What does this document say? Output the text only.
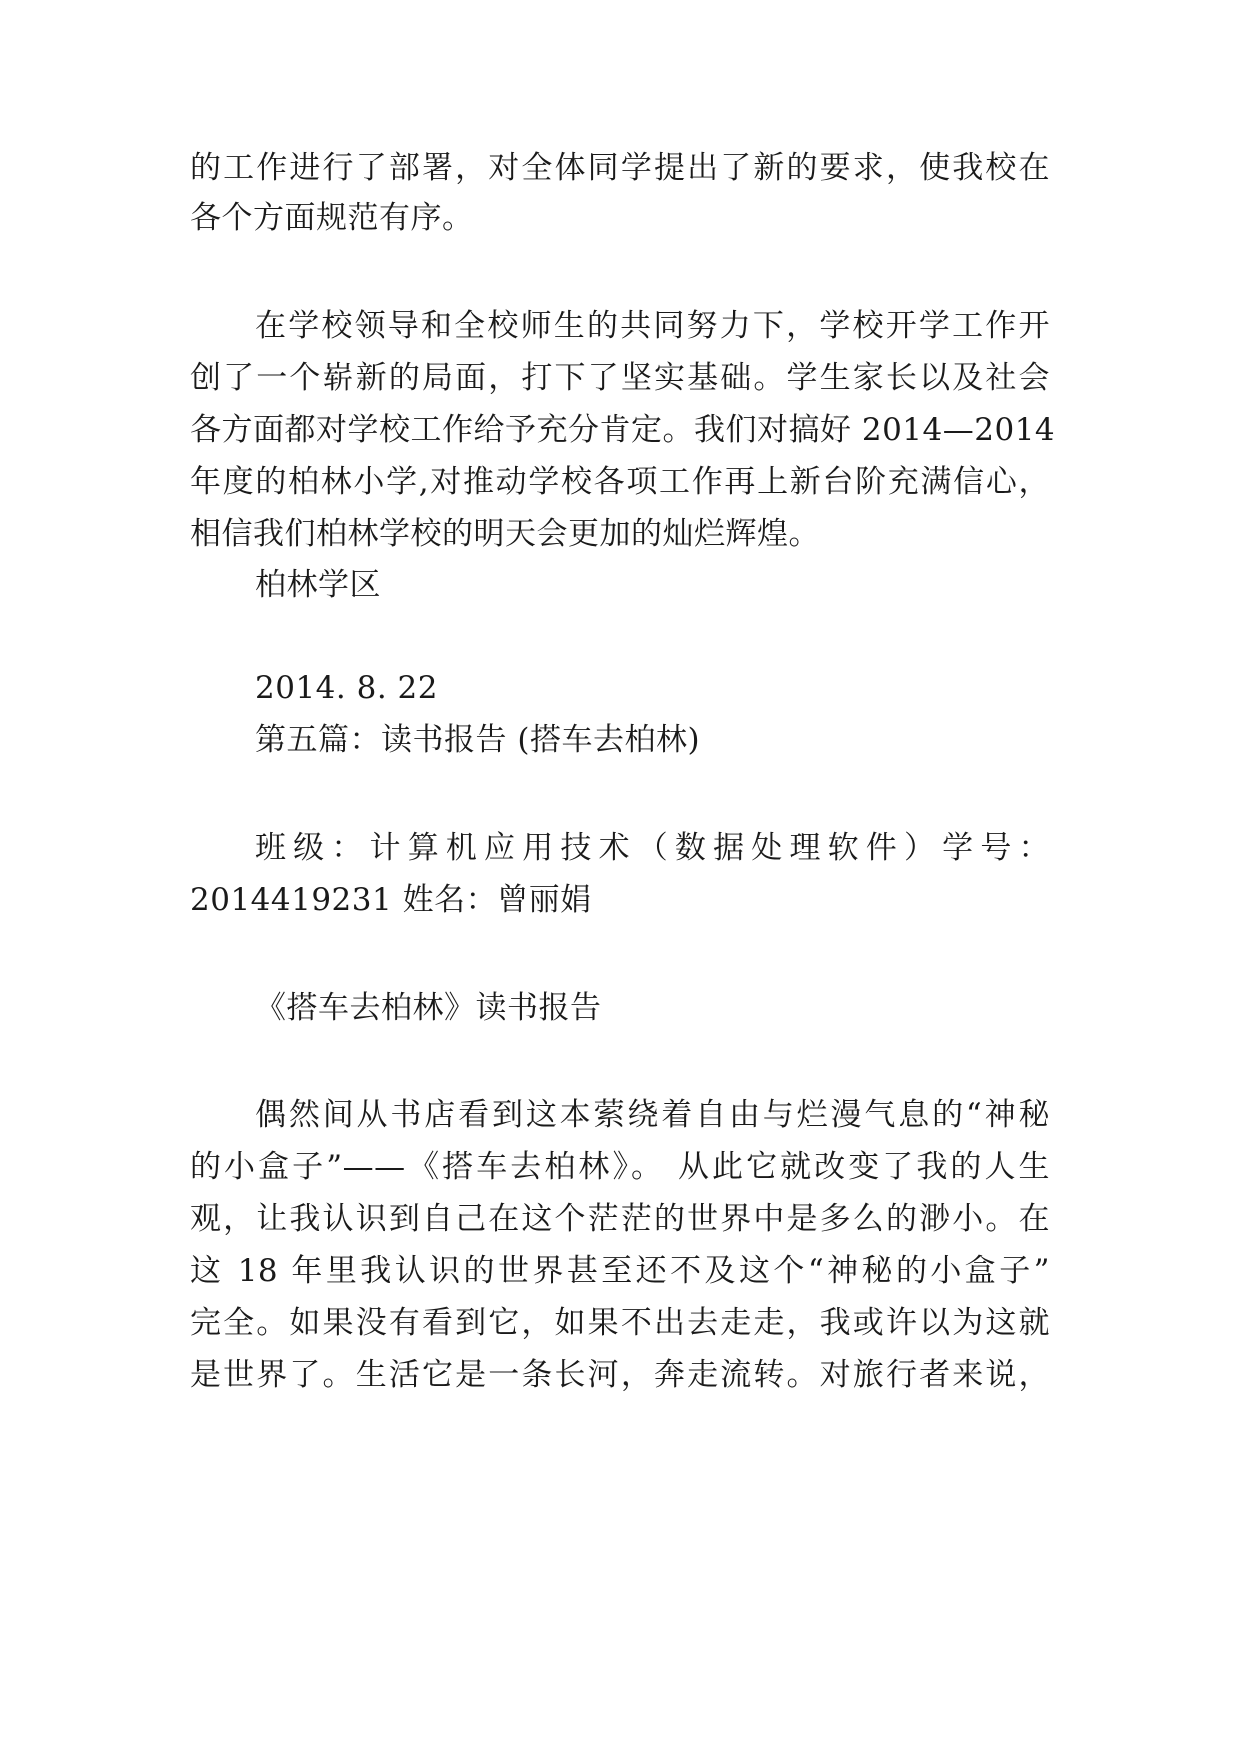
的工作进行了部署，对全体同学提出了新的要求，使我校在
各个方面规范有序。
在学校领导和全校师生的共同努力下，学校开学工作开
创了一个崭新的局面，打下了坚实基础。学生家长以及社会
各方面都对学校工作给予充分肯定。我们对搞好 2014—2014
年度的柏林小学,对推动学校各项工作再上新台阶充满信心，
相信我们柏林学校的明天会更加的灿烂辉煌。
柏林学区
2014. 8. 22
第五篇：读书报告 (搭车去柏林)
班级：计算机应用技术（数据处理软件）学号：
2014419231 姓名：曾丽娟
《搭车去柏林》读书报告
偶然间从书店看到这本萦绕着自由与烂漫气息的“神秘
的小盒子”——《搭车去柏林》。 从此它就改变了我的人生
观，让我认识到自己在这个茫茫的世界中是多么的渺小。在
这 18 年里我认识的世界甚至还不及这个“神秘的小盒子”
完全。如果没有看到它，如果不出去走走，我或许以为这就
是世界了。生活它是一条长河，奔走流转。对旅行者来说，
